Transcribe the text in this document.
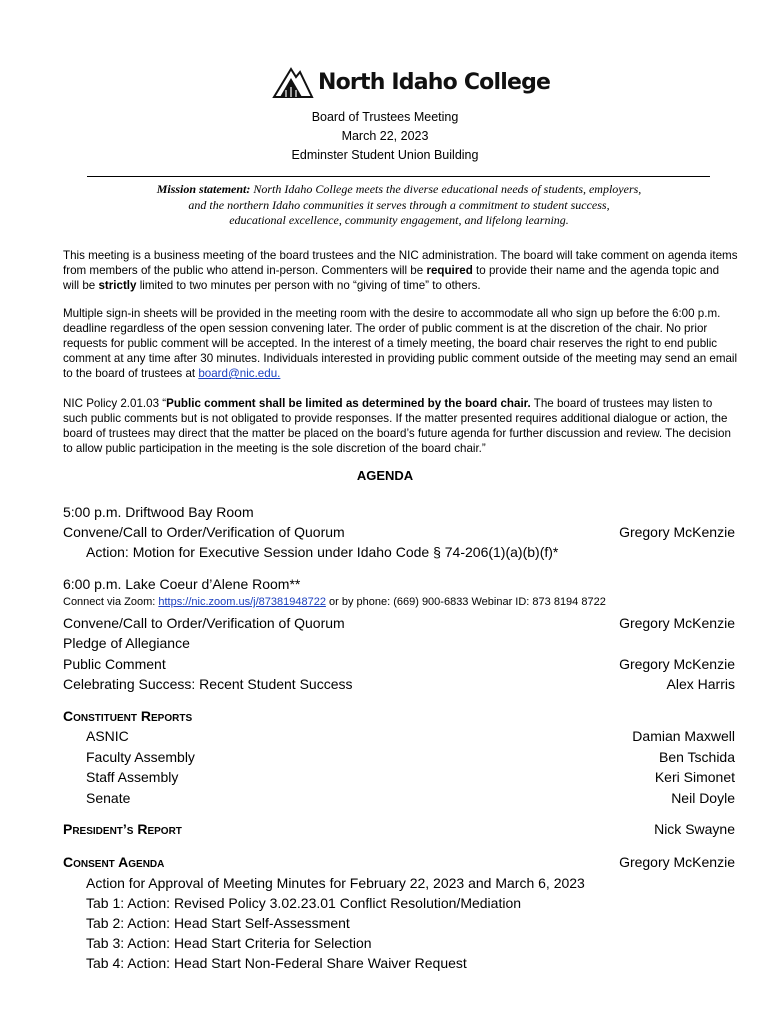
North Idaho College
Board of Trustees Meeting
March 22, 2023
Edminster Student Union Building
Mission statement: North Idaho College meets the diverse educational needs of students, employers,
and the northern Idaho communities it serves through a commitment to student success,
educational excellence, community engagement, and lifelong learning.
This meeting is a business meeting of the board trustees and the NIC administration. The board will take comment on agenda items from members of the public who attend in-person. Commenters will be required to provide their name and the agenda topic and will be strictly limited to two minutes per person with no “giving of time” to others.
Multiple sign-in sheets will be provided in the meeting room with the desire to accommodate all who sign up before the 6:00 p.m. deadline regardless of the open session convening later. The order of public comment is at the discretion of the chair. No prior requests for public comment will be accepted. In the interest of a timely meeting, the board chair reserves the right to end public comment at any time after 30 minutes. Individuals interested in providing public comment outside of the meeting may send an email to the board of trustees at board@nic.edu.
NIC Policy 2.01.03 “Public comment shall be limited as determined by the board chair. The board of trustees may listen to such public comments but is not obligated to provide responses. If the matter presented requires additional dialogue or action, the board of trustees may direct that the matter be placed on the board’s future agenda for further discussion and review. The decision to allow public participation in the meeting is the sole discretion of the board chair.”
AGENDA
5:00 p.m. Driftwood Bay Room
Convene/Call to Order/Verification of Quorum	Gregory McKenzie
Action: Motion for Executive Session under Idaho Code § 74-206(1)(a)(b)(f)*
6:00 p.m. Lake Coeur d’Alene Room**
Connect via Zoom: https://nic.zoom.us/j/87381948722 or by phone: (669) 900-6833 Webinar ID: 873 8194 8722
Convene/Call to Order/Verification of Quorum	Gregory McKenzie
Pledge of Allegiance
Public Comment	Gregory McKenzie
Celebrating Success: Recent Student Success	Alex Harris
Constituent Reports
ASNIC	Damian Maxwell
Faculty Assembly	Ben Tschida
Staff Assembly	Keri Simonet
Senate	Neil Doyle
President’s Report	Nick Swayne
Consent Agenda	Gregory McKenzie
Action for Approval of Meeting Minutes for February 22, 2023 and March 6, 2023
Tab 1: Action: Revised Policy 3.02.23.01 Conflict Resolution/Mediation
Tab 2: Action: Head Start Self-Assessment
Tab 3: Action: Head Start Criteria for Selection
Tab 4: Action: Head Start Non-Federal Share Waiver Request
